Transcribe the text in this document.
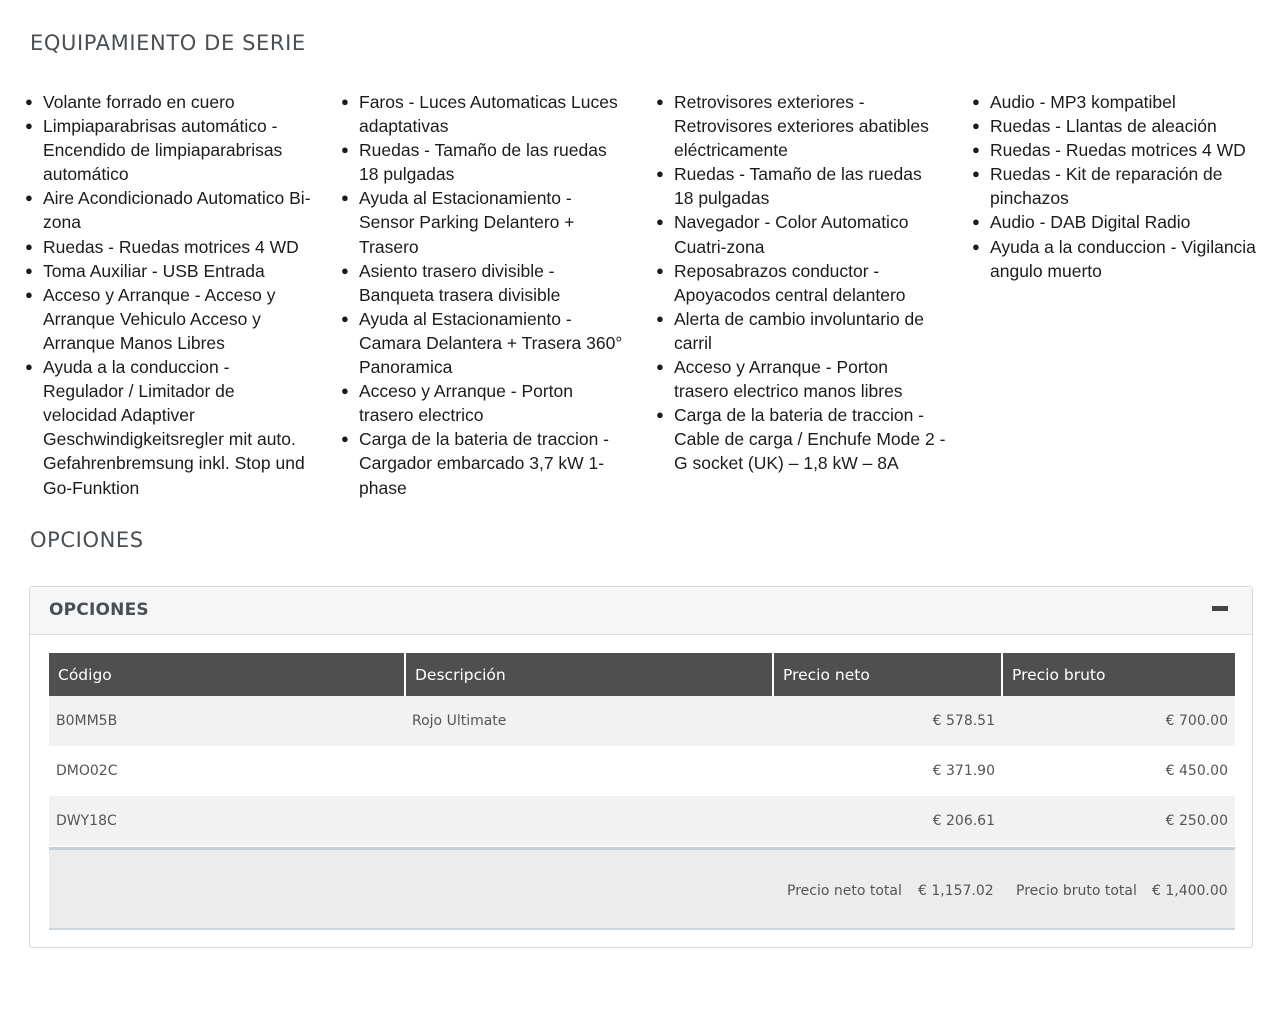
EQUIPAMIENTO DE SERIE
● Volante forrado en cuero
● Limpiaparabrisas automático - Encendido de limpiaparabrisas automático
● Aire Acondicionado Automatico Bi-zona
● Ruedas - Ruedas motrices 4 WD
● Toma Auxiliar - USB Entrada
● Acceso y Arranque - Acceso y Arranque Vehiculo Acceso y Arranque Manos Libres
● Ayuda a la conduccion - Regulador / Limitador de velocidad Adaptiver Geschwindigkeitsregler mit auto. Gefahrenbremsung inkl. Stop und Go-Funktion
● Faros - Luces Automaticas Luces adaptativas
● Ruedas - Tamaño de las ruedas 18 pulgadas
● Ayuda al Estacionamiento - Sensor Parking Delantero + Trasero
● Asiento trasero divisible - Banqueta trasera divisible
● Ayuda al Estacionamiento - Camara Delantera + Trasera 360° Panoramica
● Acceso y Arranque - Porton trasero electrico
● Carga de la bateria de traccion - Cargador embarcado 3,7 kW 1-phase
● Retrovisores exteriores - Retrovisores exteriores abatibles eléctricamente
● Ruedas - Tamaño de las ruedas 18 pulgadas
● Navegador - Color Automatico Cuatri-zona
● Reposabrazos conductor - Apoyacodos central delantero
● Alerta de cambio involuntario de carril
● Acceso y Arranque - Porton trasero electrico manos libres
● Carga de la bateria de traccion - Cable de carga / Enchufe Mode 2 - G socket (UK) – 1,8 kW – 8A
● Audio - MP3 kompatibel
● Ruedas - Llantas de aleación
● Ruedas - Ruedas motrices 4 WD
● Ruedas - Kit de reparación de pinchazos
● Audio - DAB Digital Radio
● Ayuda a la conduccion - Vigilancia angulo muerto
OPCIONES
OPCIONES
Código	Descripción	Precio neto	Precio bruto
B0MM5B	Rojo Ultimate	€ 578.51	€ 700.00
DMO02C		€ 371.90	€ 450.00
DWY18C		€ 206.61	€ 250.00
Precio neto total € 1,157.02 Precio bruto total € 1,400.00
